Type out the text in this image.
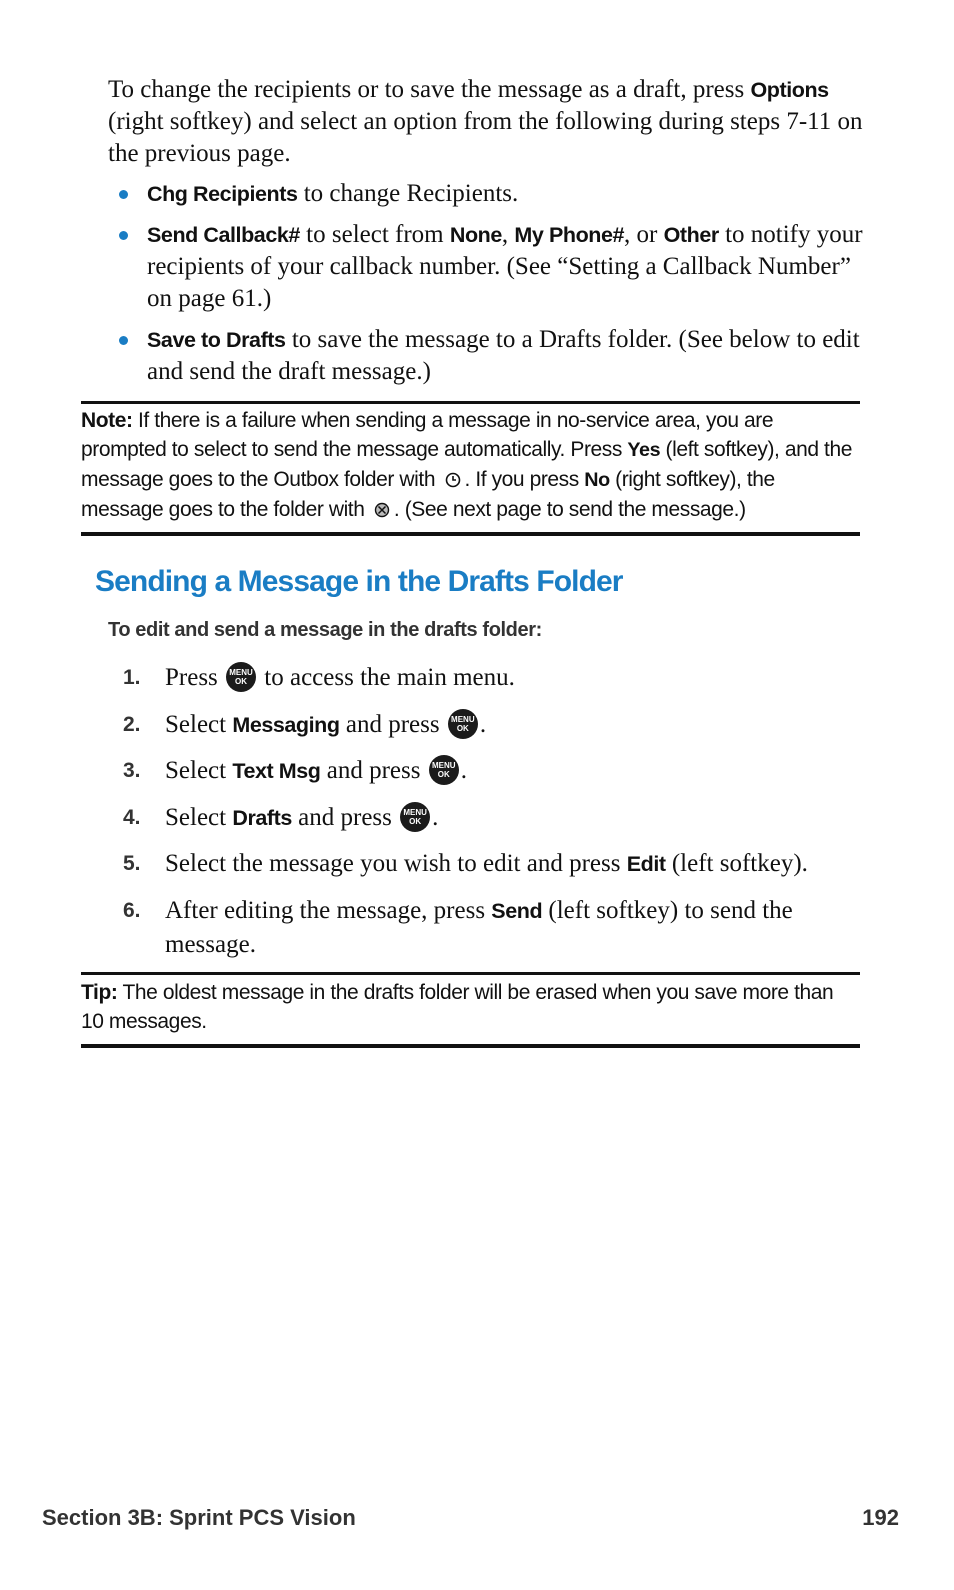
To change the recipients or to save the message as a draft, press Options (right softkey) and select an option from the following during steps 7-11 on the previous page.

Chg Recipients to change Recipients.
Send Callback# to select from None, My Phone#, or Other to notify your recipients of your callback number. (See “Setting a Callback Number” on page 61.)
Save to Drafts to save the message to a Drafts folder. (See below to edit and send the draft message.)
Note: If there is a failure when sending a message in no-service area, you are prompted to select to send the message automatically. Press Yes (left softkey), and the message goes to the Outbox folder with . If you press No (right softkey), the message goes to the folder with . (See next page to send the message.)
Sending a Message in the Drafts Folder
To edit and send a message in the drafts folder:
1. Press MENU
OK to access the main menu.
2. Select Messaging and press MENU
OK .
3. Select Text Msg and press MENU
OK .
4. Select Drafts and press MENU
OK .
5. Select the message you wish to edit and press Edit (left softkey).
6. After editing the message, press Send (left softkey) to send the message.
Tip: The oldest message in the drafts folder will be erased when you save more than 10 messages.
Section 3B: Sprint PCS Vision	192
